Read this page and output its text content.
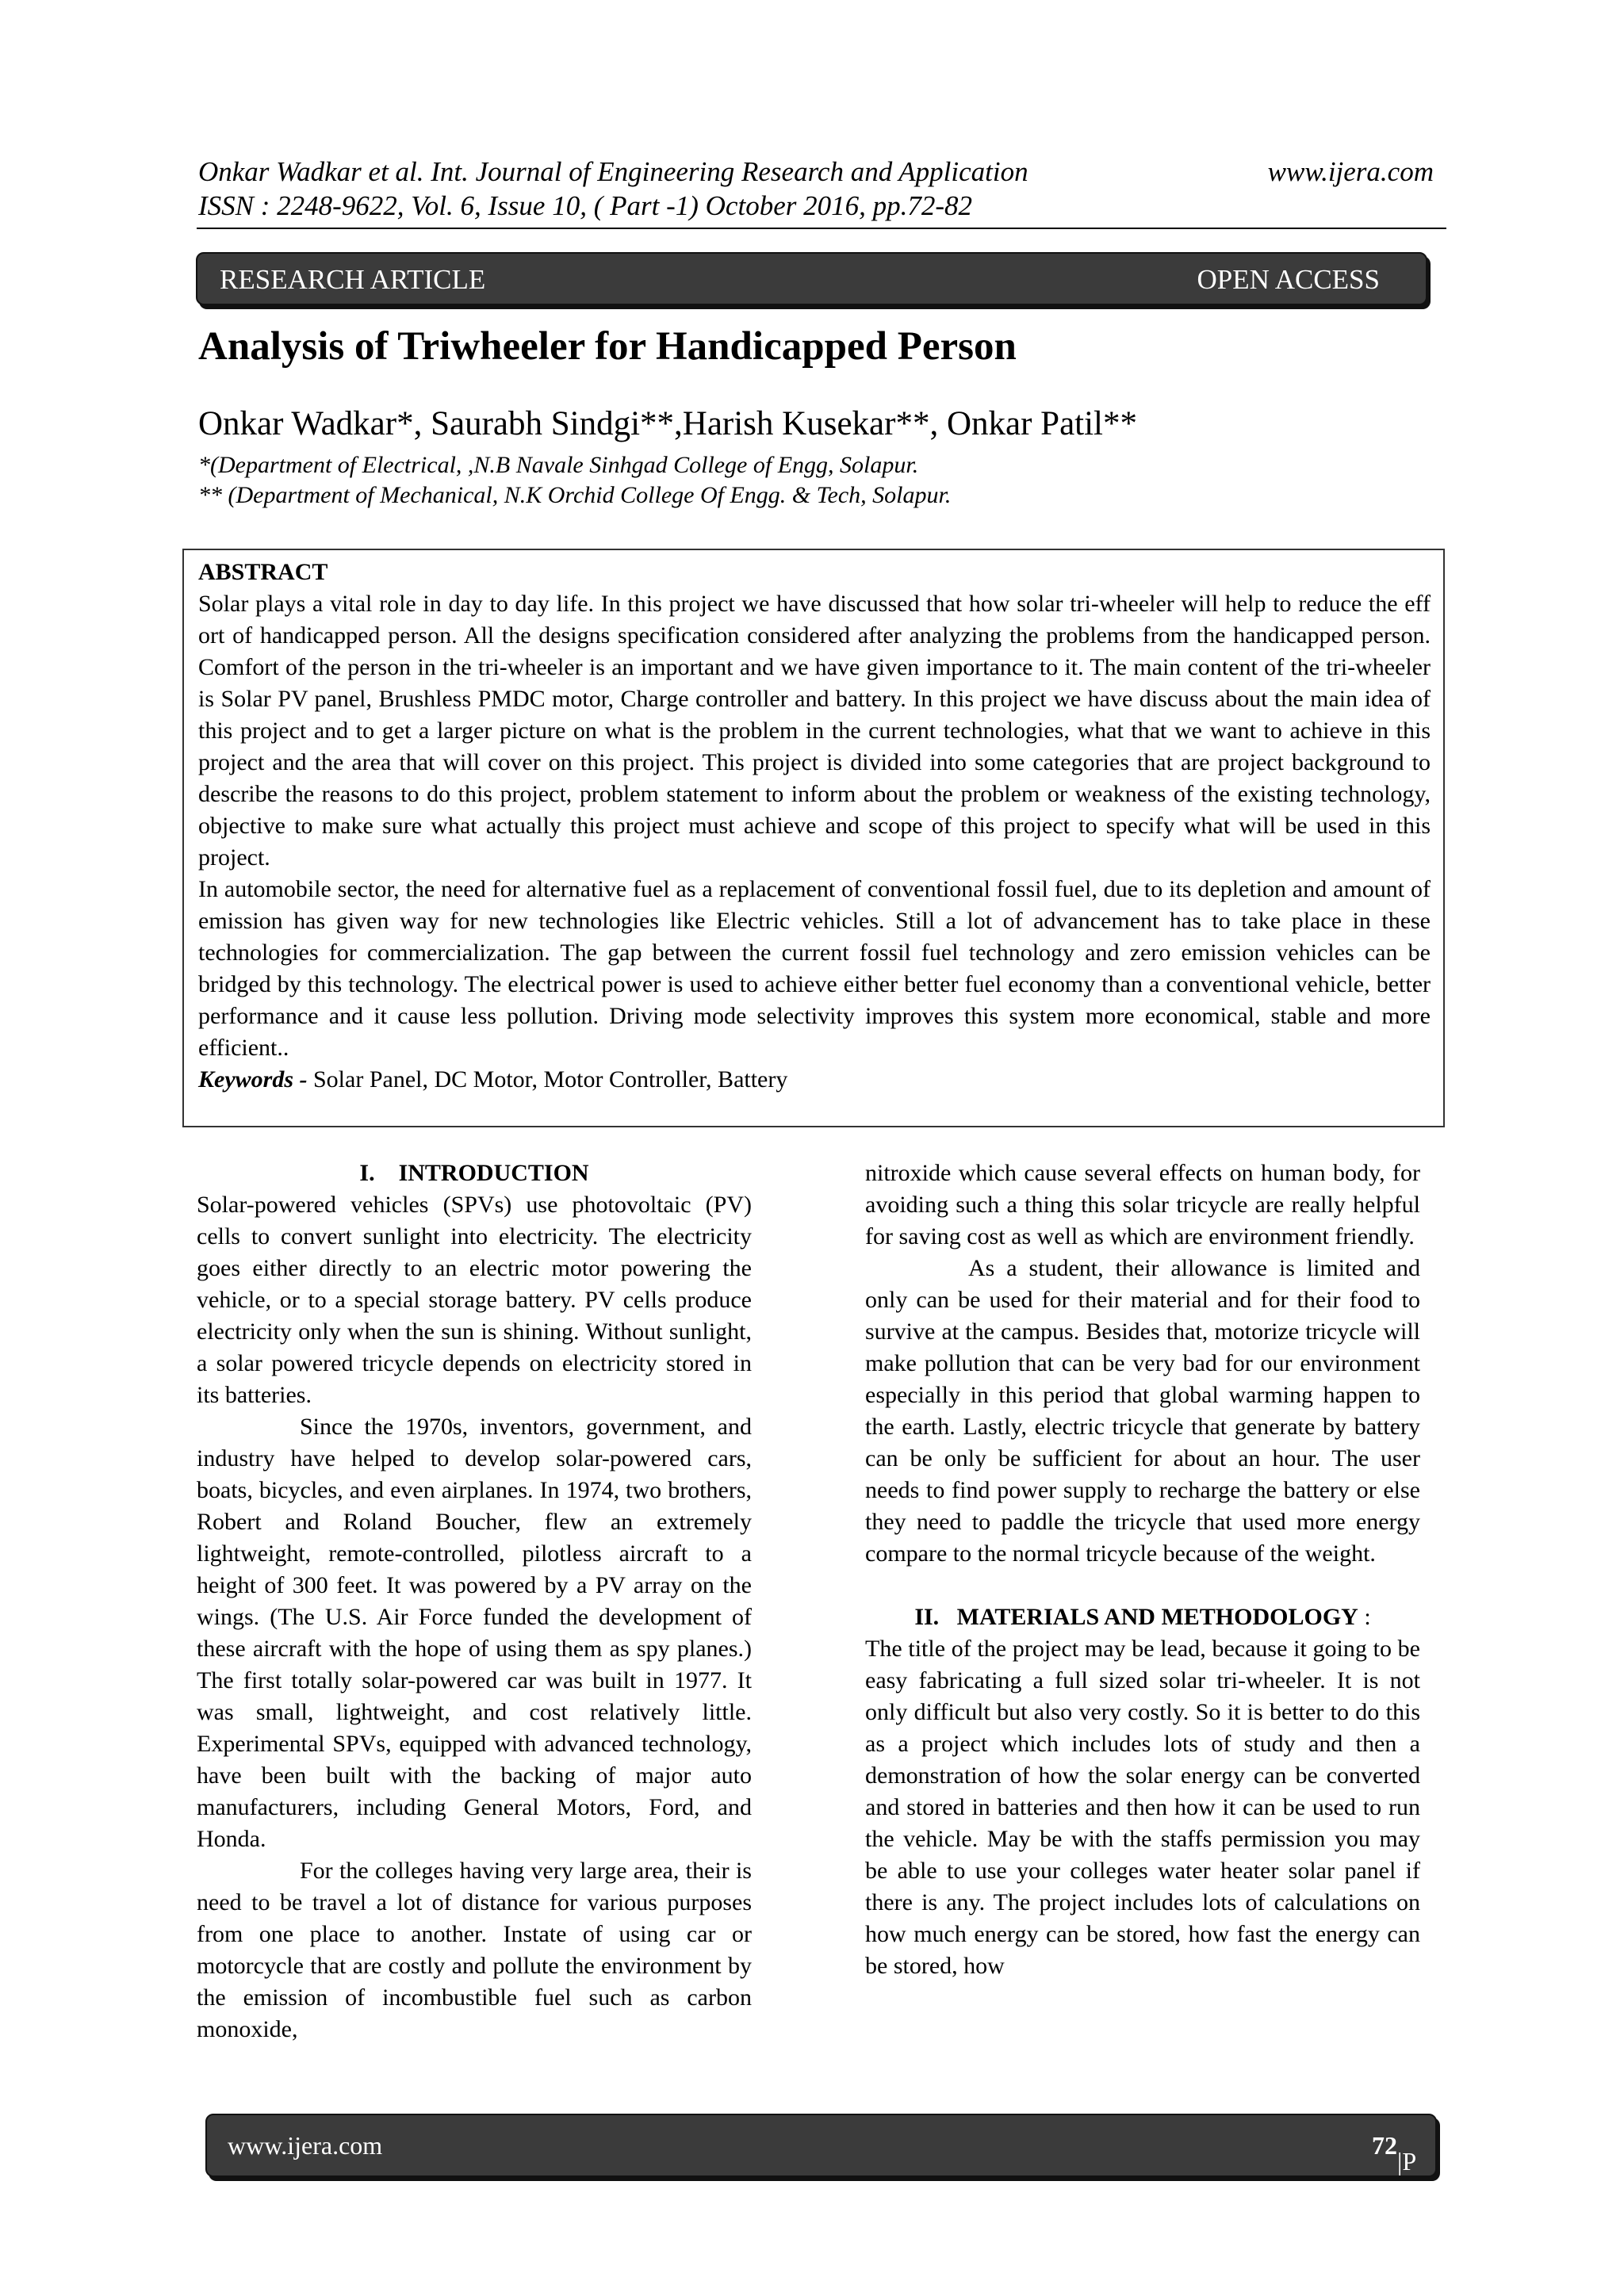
Onkar Wadkar et al. Int. Journal of Engineering Research and Application
ISSN : 2248-9622, Vol. 6, Issue 10, ( Part -1) October 2016, pp.72-82
www.ijera.com
RESEARCH ARTICLE	OPEN ACCESS
Analysis of Triwheeler for Handicapped Person
Onkar Wadkar*, Saurabh Sindgi**,Harish Kusekar**, Onkar Patil**
*(Department of Electrical, ,N.B Navale Sinhgad College of Engg, Solapur.
** (Department of Mechanical, N.K Orchid College Of Engg. & Tech, Solapur.

ABSTRACT

Solar plays a vital role in day to day life. In this project we have discussed that how solar tri-wheeler will help to reduce the eff ort of handicapped person. All the designs specification considered after analyzing the problems from the handicapped person. Comfort of the person in the tri-wheeler is an important and we have given importance to it. The main content of the tri-wheeler is Solar PV panel, Brushless PMDC motor, Charge controller and battery. In this project we have discuss about the main idea of this project and to get a larger picture on what is the problem in the current technologies, what that we want to achieve in this project and the area that will cover on this project. This project is divided into some categories that are project background to describe the reasons to do this project, problem statement to inform about the problem or weakness of the existing technology, objective to make sure what actually this project must achieve and scope of this project to specify what will be used in this project.

In automobile sector, the need for alternative fuel as a replacement of conventional fossil fuel, due to its depletion and amount of emission has given way for new technologies like Electric vehicles. Still a lot of advancement has to take place in these technologies for commercialization. The gap between the current fossil fuel technology and zero emission vehicles can be bridged by this technology. The electrical power is used to achieve either better fuel economy than a conventional vehicle, better performance and it cause less pollution. Driving mode selectivity improves this system more economical, stable and more efficient..

Keywords - Solar Panel, DC Motor, Motor Controller, Battery

I.    INTRODUCTION

Solar-powered vehicles (SPVs) use photovoltaic (PV) cells to convert sunlight into electricity. The electricity goes either directly to an electric motor powering the vehicle, or to a special storage battery. PV cells produce electricity only when the sun is shining. Without sunlight, a solar powered tricycle depends on electricity stored in its batteries.

Since the 1970s, inventors, government, and industry have helped to develop solar-powered cars, boats, bicycles, and even airplanes. In 1974, two brothers, Robert and Roland Boucher, flew an extremely lightweight, remote-controlled, pilotless aircraft to a height of 300 feet. It was powered by a PV array on the wings. (The U.S. Air Force funded the development of these aircraft with the hope of using them as spy planes.) The first totally solar-powered car was built in 1977. It was small, lightweight, and cost relatively little. Experimental SPVs, equipped with advanced technology, have been built with the backing of major auto manufacturers, including General Motors, Ford, and Honda.

For the colleges having very large area, their is need to be travel a lot of distance for various purposes from one place to another. Instate of using car or motorcycle that are costly and pollute the environment by the emission of incombustible fuel such as carbon monoxide,

nitroxide which cause several effects on human body, for avoiding such a thing this solar tricycle are really helpful for saving cost as well as which are environment friendly.

As a student, their allowance is limited and only can be used for their material and for their food to survive at the campus. Besides that, motorize tricycle will make pollution that can be very bad for our environment especially in this period that global warming happen to the earth. Lastly, electric tricycle that generate by battery can be only be sufficient for about an hour. The user needs to find power supply to recharge the battery or else they need to paddle the tricycle that used more energy compare to the normal tricycle because of the weight.

II.   MATERIALS AND METHODOLOGY :

The title of the project may be lead, because it going to be easy fabricating a full sized solar tri-wheeler. It is not only difficult but also very costly. So it is better to do this as a project which includes lots of study and then a demonstration of how the solar energy can be converted and stored in batteries and then how it can be used to run the vehicle. May be with the staffs permission you may be able to use your colleges water heater solar panel if there is any. The project includes lots of calculations on how much energy can be stored, how fast the energy can be stored, how

www.ijera.com	72
|P a g e
